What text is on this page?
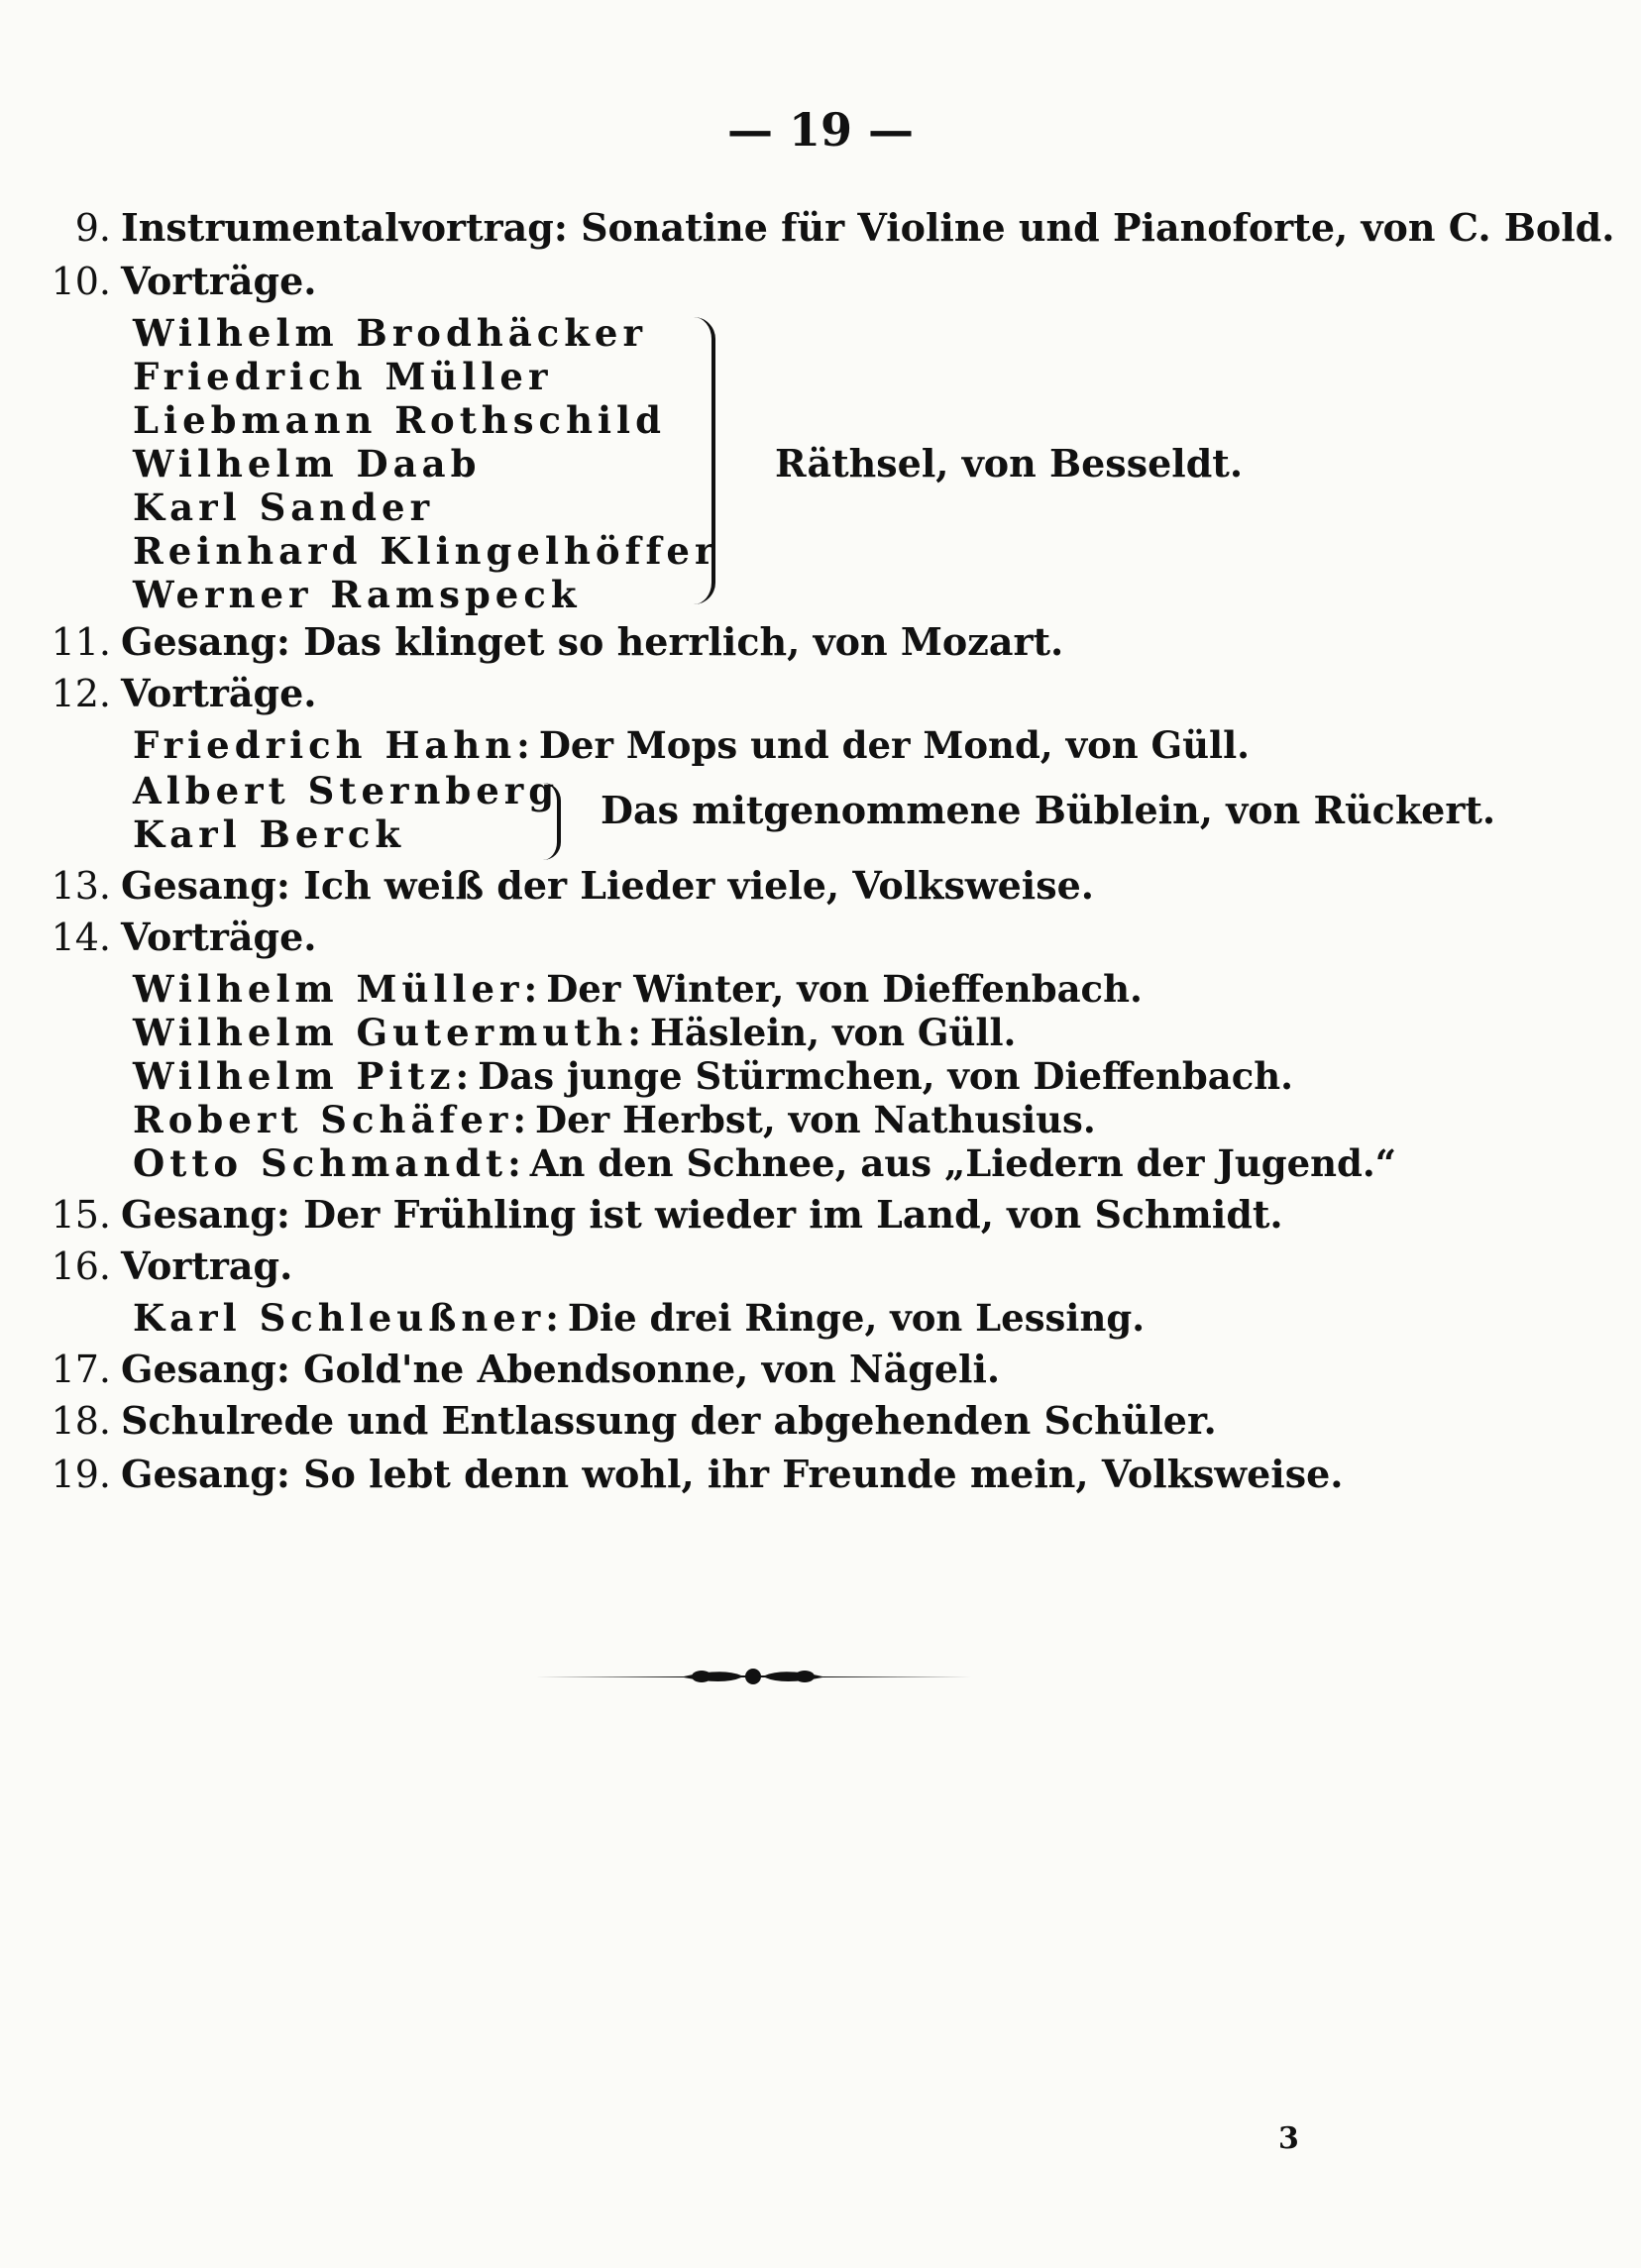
— 19 —
9. Instrumentalvortrag: Sonatine für Violine und Pianoforte, von C. Bold.
10. Vorträge.
Wilhelm Brodhäcker
Friedrich Müller
Liebmann Rothschild
Wilhelm Daab
Karl Sander
Reinhard Klingelhöffer
Werner Ramspeck
Räthsel, von Besseldt.
11. Gesang: Das klinget so herrlich, von Mozart.
12. Vorträge.
Friedrich Hahn: Der Mops und der Mond, von Güll.
Albert Sternberg
Karl Berck
Das mitgenommene Büblein, von Rückert.
13. Gesang: Ich weiß der Lieder viele, Volksweise.
14. Vorträge.
Wilhelm Müller: Der Winter, von Dieffenbach.
Wilhelm Gutermuth: Häslein, von Güll.
Wilhelm Pitz: Das junge Stürmchen, von Dieffenbach.
Robert Schäfer: Der Herbst, von Nathusius.
Otto Schmandt: An den Schnee, aus „Liedern der Jugend.“
15. Gesang: Der Frühling ist wieder im Land, von Schmidt.
16. Vortrag.
Karl Schleußner: Die drei Ringe, von Lessing.
17. Gesang: Gold'ne Abendsonne, von Nägeli.
18. Schulrede und Entlassung der abgehenden Schüler.
19. Gesang: So lebt denn wohl, ihr Freunde mein, Volksweise.
3
